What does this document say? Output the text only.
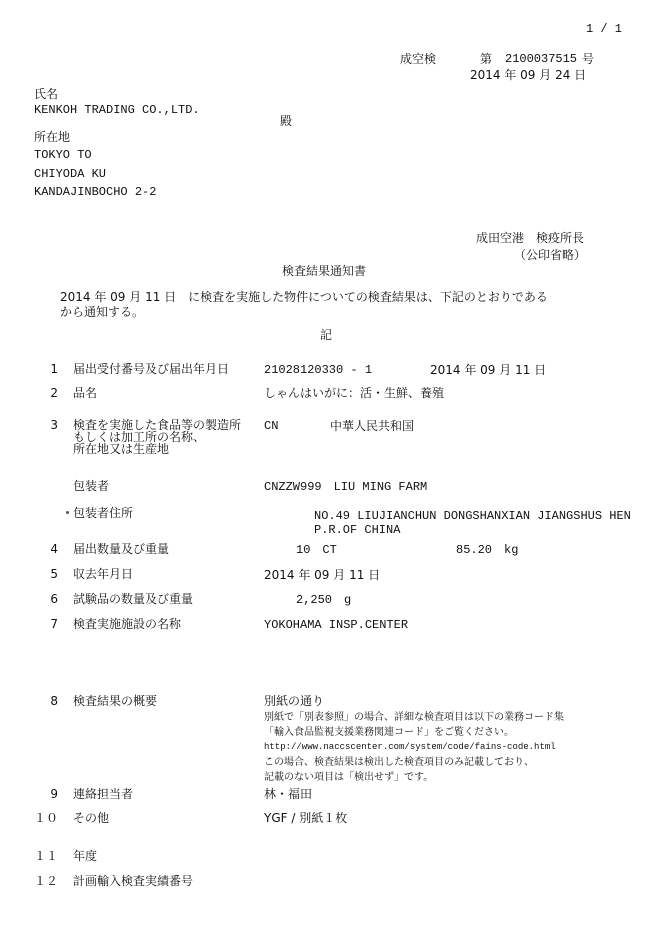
1 / 1
成空検	第 2100037515 号
2014 年 09 月 24 日
氏名
KENKOH TRADING CO.,LTD.
殿
所在地
TOKYO TO
CHIYODA KU
KANDAJINBOCHO 2-2
成田空港　検疫所長
（公印省略）
検査結果通知書
2014 年 09 月 11 日　に検査を実施した物件についての検査結果は、下記のとおりである
から通知する。
記
1 届出受付番号及び届出年月日	21028120330 - 1	2014 年 09 月 11 日
2 品名	しゃんはいがに：活・生鮮、養殖
3 検査を実施した食品等の製造所
もしくは加工所の名称、
所在地又は生産地
CN	中華人民共和国
包装者	CNZZW999　LIU MING FARM
包装者住所	NO.49 LIUJIANCHUN DONGSHANXIAN JIANGSHUS HEN
P.R.OF CHINA
4 届出数量及び重量	10　CT	85.20　kg
5 収去年月日	2014 年 09 月 11 日
6 試験品の数量及び重量	2,250　g
7 検査実施施設の名称	YOKOHAMA INSP.CENTER
8 検査結果の概要	別紙の通り
別紙で「別表参照」の場合、詳細な検査項目は以下の業務コード集
「輸入食品監視支援業務関連コード」をご覧ください。
http://www.naccscenter.com/system/code/fains-code.html
この場合、検査結果は検出した検査項目のみ記載しており、
記載のない項目は「検出せず」です。
9 連絡担当者	林・福田
１０ その他	YGF / 別紙１枚
１１ 年度
１２ 計画輸入検査実績番号
